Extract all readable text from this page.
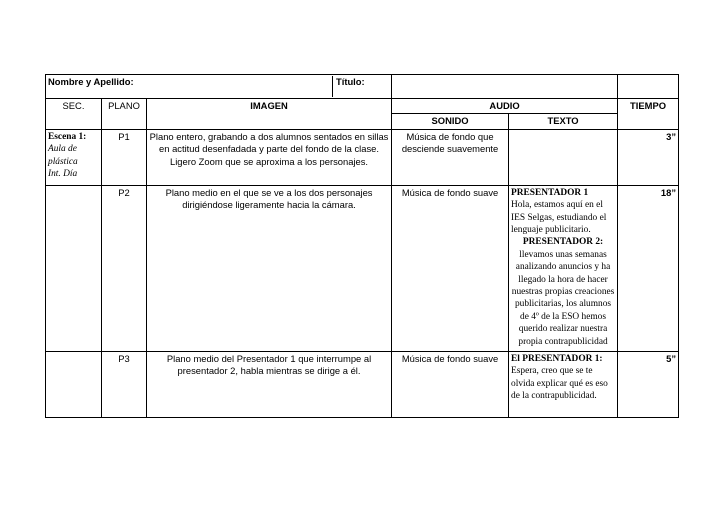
Nombre y Apellido: Título:					
SEC.	PLANO	IMAGEN	AUDIO		TIEMPO
			SONIDO	TEXTO	

Escena 1:
Aula de
plástica
Int. Día	P1	Plano entero, grabando a dos alumnos sentados en sillas en actitud desenfadada y parte del fondo de la clase. Ligero Zoom que se aproxima a los personajes.	Música de fondo que desciende suavemente		3”
	P2	Plano medio en el que se ve a los dos personajes dirigiéndose ligeramente hacia la cámara.	Música de fondo suave	PRESENTADOR 1
Hola, estamos aquí en el IES Selgas, estudiando el lenguaje publicitario.
PRESENTADOR 2:
llevamos unas semanas analizando anuncios y ha llegado la hora de hacer nuestras propias creaciones publicitarias, los alumnos de 4º de la ESO hemos querido realizar nuestra propia contrapublicidad	18”
	P3	Plano medio del Presentador 1 que interrumpe al presentador 2, habla mientras se dirige a él.	Música de fondo suave	El PRESENTADOR 1:
Espera, creo que se te olvida explicar qué es eso de la contrapublicidad.	5”
